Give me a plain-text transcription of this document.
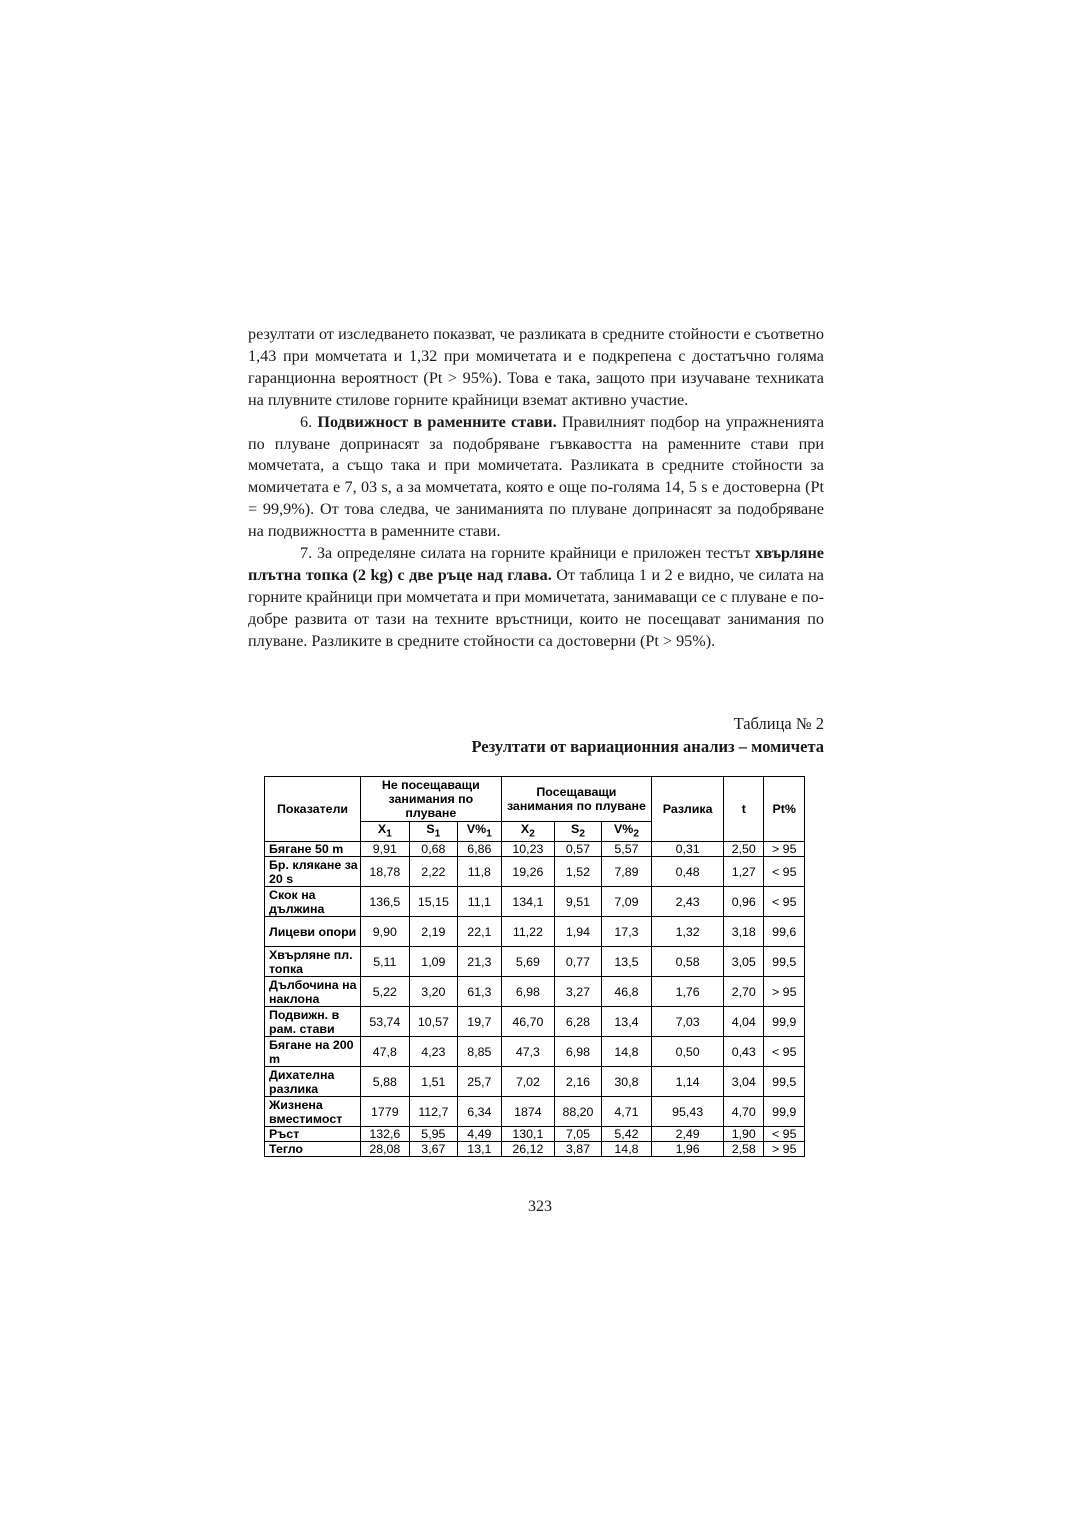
резултати от изследването показват, че разликата в средните стойности е съответно 1,43 при момчетата и 1,32 при момичетата и е подкрепена с достатъчно голяма гаранционна вероятност (Pt > 95%). Това е така, защото при изучаване техниката на плувните стилове горните крайници вземат активно участие.

6. Подвижност в раменните стави. Правилният подбор на упражненията по плуване допринасят за подобряване гъвкавостта на раменните стави при момчетата, а също така и при момичетата. Разликата в средните стойности за момичетата е 7, 03 s, а за момчетата, която е още по-голяма 14, 5 s е достоверна (Pt = 99,9%). От това следва, че заниманията по плуване допринасят за подобряване на подвижността в раменните стави.

7. За определяне силата на горните крайници е приложен тестът хвърляне плътна топка (2 kg) с две ръце над глава. От таблица 1 и 2 е видно, че силата на горните крайници при момчетата и при момичетата, занимаващи се с плуване е по-добре развита от тази на техните връстници, които не посещават занимания по плуване. Разликите в средните стойности са достоверни (Pt > 95%).

Таблица № 2
Резултати от вариационния анализ – момичета
Показатели	Не посещаващи занимания по плуване			Посещаващи занимания по плуване			Разлика	t	Pt%
	$\overline{X}_1$	$S_1$	$V\%_1$	$\overline{X}_2$	$S_2$	$V\%_2$
Бягане 50 m	9,91	0,68	6,86	10,23	0,57	5,57	0,31	2,50	> 95
Бр. клякане за 20 s	18,78	2,22	11,8	19,26	1,52	7,89	0,48	1,27	< 95
Скок на дължина	136,5	15,15	11,1	134,1	9,51	7,09	2,43	0,96	< 95
Лицеви опори	9,90	2,19	22,1	11,22	1,94	17,3	1,32	3,18	99,6
Хвърляне пл. топка	5,11	1,09	21,3	5,69	0,77	13,5	0,58	3,05	99,5
Дълбочина на наклона	5,22	3,20	61,3	6,98	3,27	46,8	1,76	2,70	> 95
Подвижн. в рам. стави	53,74	10,57	19,7	46,70	6,28	13,4	7,03	4,04	99,9
Бягане на 200 m	47,8	4,23	8,85	47,3	6,98	14,8	0,50	0,43	< 95
Дихателна разлика	5,88	1,51	25,7	7,02	2,16	30,8	1,14	3,04	99,5
Жизнена вместимост	1779	112,7	6,34	1874	88,20	4,71	95,43	4,70	99,9
Ръст	132,6	5,95	4,49	130,1	7,05	5,42	2,49	1,90	< 95
Тегло	28,08	3,67	13,1	26,12	3,87	14,8	1,96	2,58	> 95
323
